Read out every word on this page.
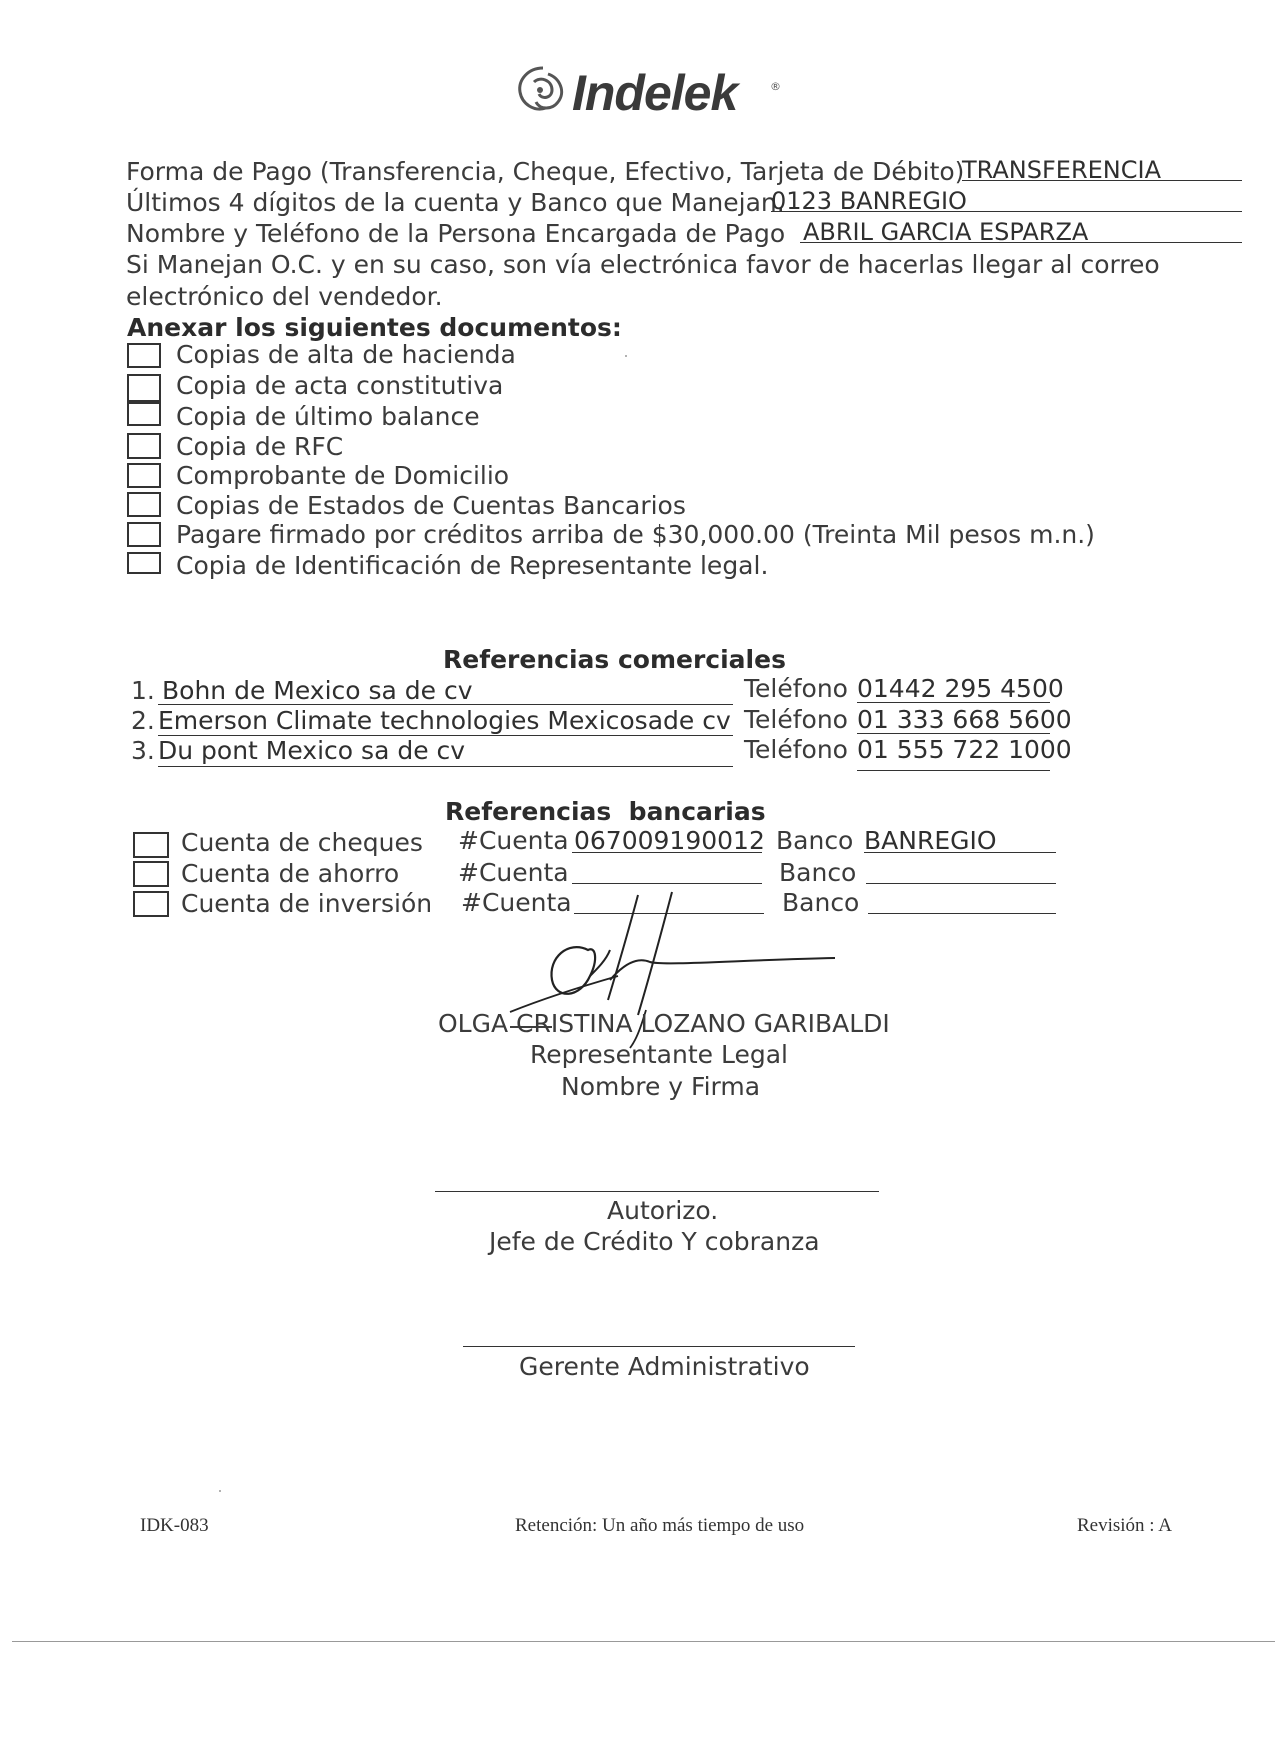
Indelek	®
Forma de Pago (Transferencia, Cheque, Efectivo, Tarjeta de Débito)
TRANSFERENCIA
Últimos 4 dígitos de la cuenta y Banco que Manejan.
0123 BANREGIO
Nombre y Teléfono de la Persona Encargada de Pago ABRIL GARCIA ESPARZA
Si Manejan O.C. y en su caso, son vía electrónica favor de hacerlas llegar al correo
electrónico del vendedor.
Anexar los siguientes documentos:
Copias de alta de hacienda
Copia de acta constitutiva
Copia de último balance
Copia de RFC
Comprobante de Domicilio
Copias de Estados de Cuentas Bancarios
Pagare firmado por créditos arriba de $30,000.00 (Treinta Mil pesos m.n.)
Copia de Identificación de Representante legal.
Referencias comerciales
1. Bohn de Mexico sa de cv	Teléfono 01442 295 4500
2. Emerson Climate technologies Mexicosade cv Teléfono 01 333 668 5600
3. Du pont Mexico sa de cv	Teléfono 01 555 722 1000
Referencias  bancarias
Cuenta de cheques #Cuenta 067009190012 Banco BANREGIO
Cuenta de ahorro #Cuenta	Banco
Cuenta de inversión #Cuenta	Banco
OLGA CRISTINA LOZANO GARIBALDI
Representante Legal
Nombre y Firma
Autorizo.
Jefe de Crédito Y cobranza
Gerente Administrativo
IDK-083	Retención: Un año más tiempo de uso	Revisión : A
